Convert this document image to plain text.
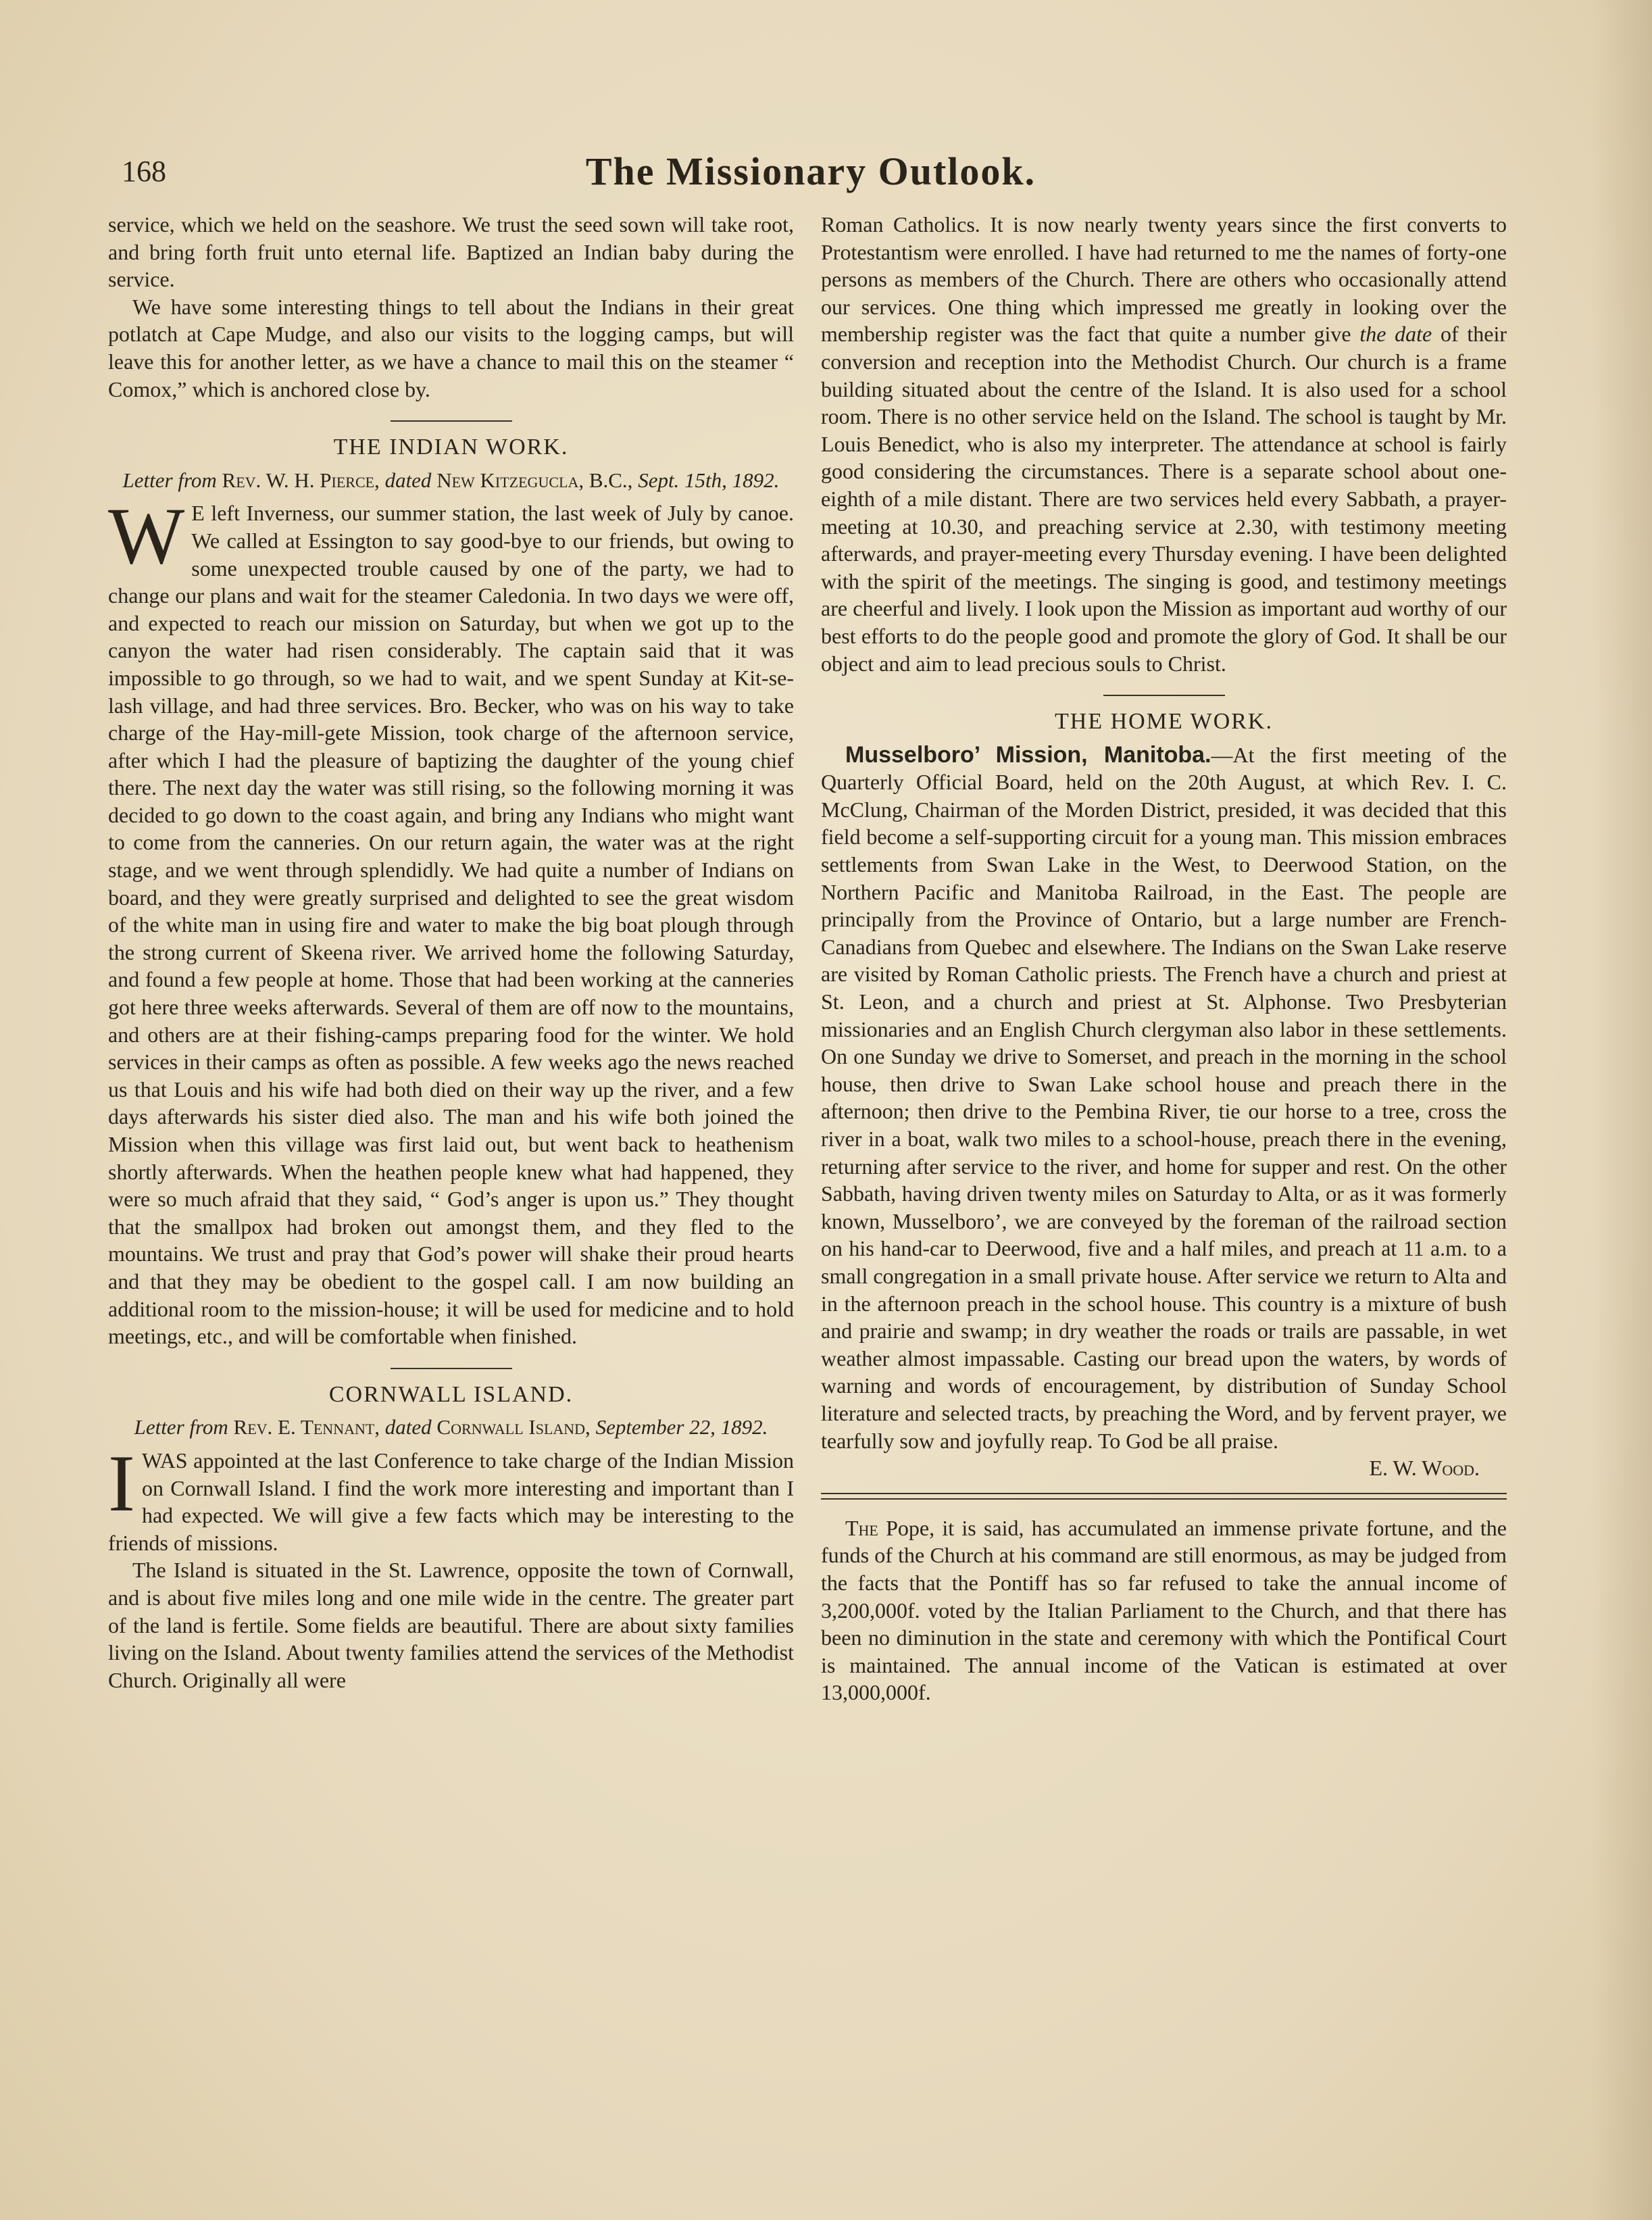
168	The Missionary Outlook.

service, which we held on the seashore. We trust the seed sown will take root, and bring forth fruit unto eternal life. Baptized an Indian baby during the service.

We have some interesting things to tell about the Indians in their great potlatch at Cape Mudge, and also our visits to the logging camps, but will leave this for another letter, as we have a chance to mail this on the steamer “ Comox,” which is anchored close by.

THE INDIAN WORK.
Letter from Rev. W. H. Pierce, dated New Kitzegucla, B.C., Sept. 15th, 1892.

W E left Inverness, our summer station, the last week of July by canoe. We called at Essington to say good-bye to our friends, but owing to some unexpected trouble caused by one of the party, we had to change our plans and wait for the steamer Caledonia. In two days we were off, and expected to reach our mission on Saturday, but when we got up to the canyon the water had risen considerably. The captain said that it was impossible to go through, so we had to wait, and we spent Sunday at Kit-se-lash village, and had three services. Bro. Becker, who was on his way to take charge of the Hay-mill-gete Mission, took charge of the afternoon service, after which I had the pleasure of baptizing the daughter of the young chief there. The next day the water was still rising, so the following morning it was decided to go down to the coast again, and bring any Indians who might want to come from the canneries. On our return again, the water was at the right stage, and we went through splendidly. We had quite a number of Indians on board, and they were greatly surprised and delighted to see the great wisdom of the white man in using fire and water to make the big boat plough through the strong current of Skeena river. We arrived home the following Saturday, and found a few people at home. Those that had been working at the canneries got here three weeks afterwards. Several of them are off now to the mountains, and others are at their fishing-camps preparing food for the winter. We hold services in their camps as often as possible. A few weeks ago the news reached us that Louis and his wife had both died on their way up the river, and a few days afterwards his sister died also. The man and his wife both joined the Mission when this village was first laid out, but went back to heathenism shortly afterwards. When the heathen people knew what had happened, they were so much afraid that they said, “ God’s anger is upon us.” They thought that the smallpox had broken out amongst them, and they fled to the mountains. We trust and pray that God’s power will shake their proud hearts and that they may be obedient to the gospel call. I am now building an additional room to the mission-house; it will be used for medicine and to hold meetings, etc., and will be comfortable when finished.

CORNWALL ISLAND.
Letter from Rev. E. Tennant, dated Cornwall Island, September 22, 1892.

IWAS appointed at the last Conference to take charge of the Indian Mission on Cornwall Island. I find the work more interesting and important than I had expected. We will give a few facts which may be interesting to the friends of missions.

The Island is situated in the St. Lawrence, opposite the town of Cornwall, and is about five miles long and one mile wide in the centre. The greater part of the land is fertile. Some fields are beautiful. There are about sixty families living on the Island. About twenty families attend the services of the Methodist Church. Originally all were

Roman Catholics. It is now nearly twenty years since the first converts to Protestantism were enrolled. I have had returned to me the names of forty-one persons as members of the Church. There are others who occasionally attend our services. One thing which impressed me greatly in looking over the membership register was the fact that quite a number give the date of their conversion and reception into the Methodist Church. Our church is a frame building situated about the centre of the Island. It is also used for a school room. There is no other service held on the Island. The school is taught by Mr. Louis Benedict, who is also my interpreter. The attendance at school is fairly good considering the circumstances. There is a separate school about one-eighth of a mile distant. There are two services held every Sabbath, a prayer-meeting at 10.30, and preaching service at 2.30, with testimony meeting afterwards, and prayer-meeting every Thursday evening. I have been delighted with the spirit of the meetings. The singing is good, and testimony meetings are cheerful and lively. I look upon the Mission as important aud worthy of our best efforts to do the people good and promote the glory of God. It shall be our object and aim to lead precious souls to Christ.

THE HOME WORK.

Musselboro’ Mission, Manitoba.—At the first meeting of the Quarterly Official Board, held on the 20th August, at which Rev. I. C. McClung, Chairman of the Morden District, presided, it was decided that this field become a self-supporting circuit for a young man. This mission embraces settlements from Swan Lake in the West, to Deerwood Station, on the Northern Pacific and Manitoba Railroad, in the East. The people are principally from the Province of Ontario, but a large number are French-Canadians from Quebec and elsewhere. The Indians on the Swan Lake reserve are visited by Roman Catholic priests. The French have a church and priest at St. Leon, and a church and priest at St. Alphonse. Two Presbyterian missionaries and an English Church clergyman also labor in these settlements. On one Sunday we drive to Somerset, and preach in the morning in the school house, then drive to Swan Lake school house and preach there in the afternoon; then drive to the Pembina River, tie our horse to a tree, cross the river in a boat, walk two miles to a school-house, preach there in the evening, returning after service to the river, and home for supper and rest. On the other Sabbath, having driven twenty miles on Saturday to Alta, or as it was formerly known, Musselboro’, we are conveyed by the foreman of the railroad section on his hand-car to Deerwood, five and a half miles, and preach at 11 a.m. to a small congregation in a small private house. After service we return to Alta and in the afternoon preach in the school house. This country is a mixture of bush and prairie and swamp; in dry weather the roads or trails are passable, in wet weather almost impassable. Casting our bread upon the waters, by words of warning and words of encouragement, by distribution of Sunday School literature and selected tracts, by preaching the Word, and by fervent prayer, we tearfully sow and joyfully reap. To God be all praise.

E. W. Wood.

The Pope, it is said, has accumulated an immense private fortune, and the funds of the Church at his command are still enormous, as may be judged from the facts that the Pontiff has so far refused to take the annual income of 3,200,000f. voted by the Italian Parliament to the Church, and that there has been no diminution in the state and ceremony with which the Pontifical Court is maintained. The annual income of the Vatican is estimated at over 13,000,000f.
